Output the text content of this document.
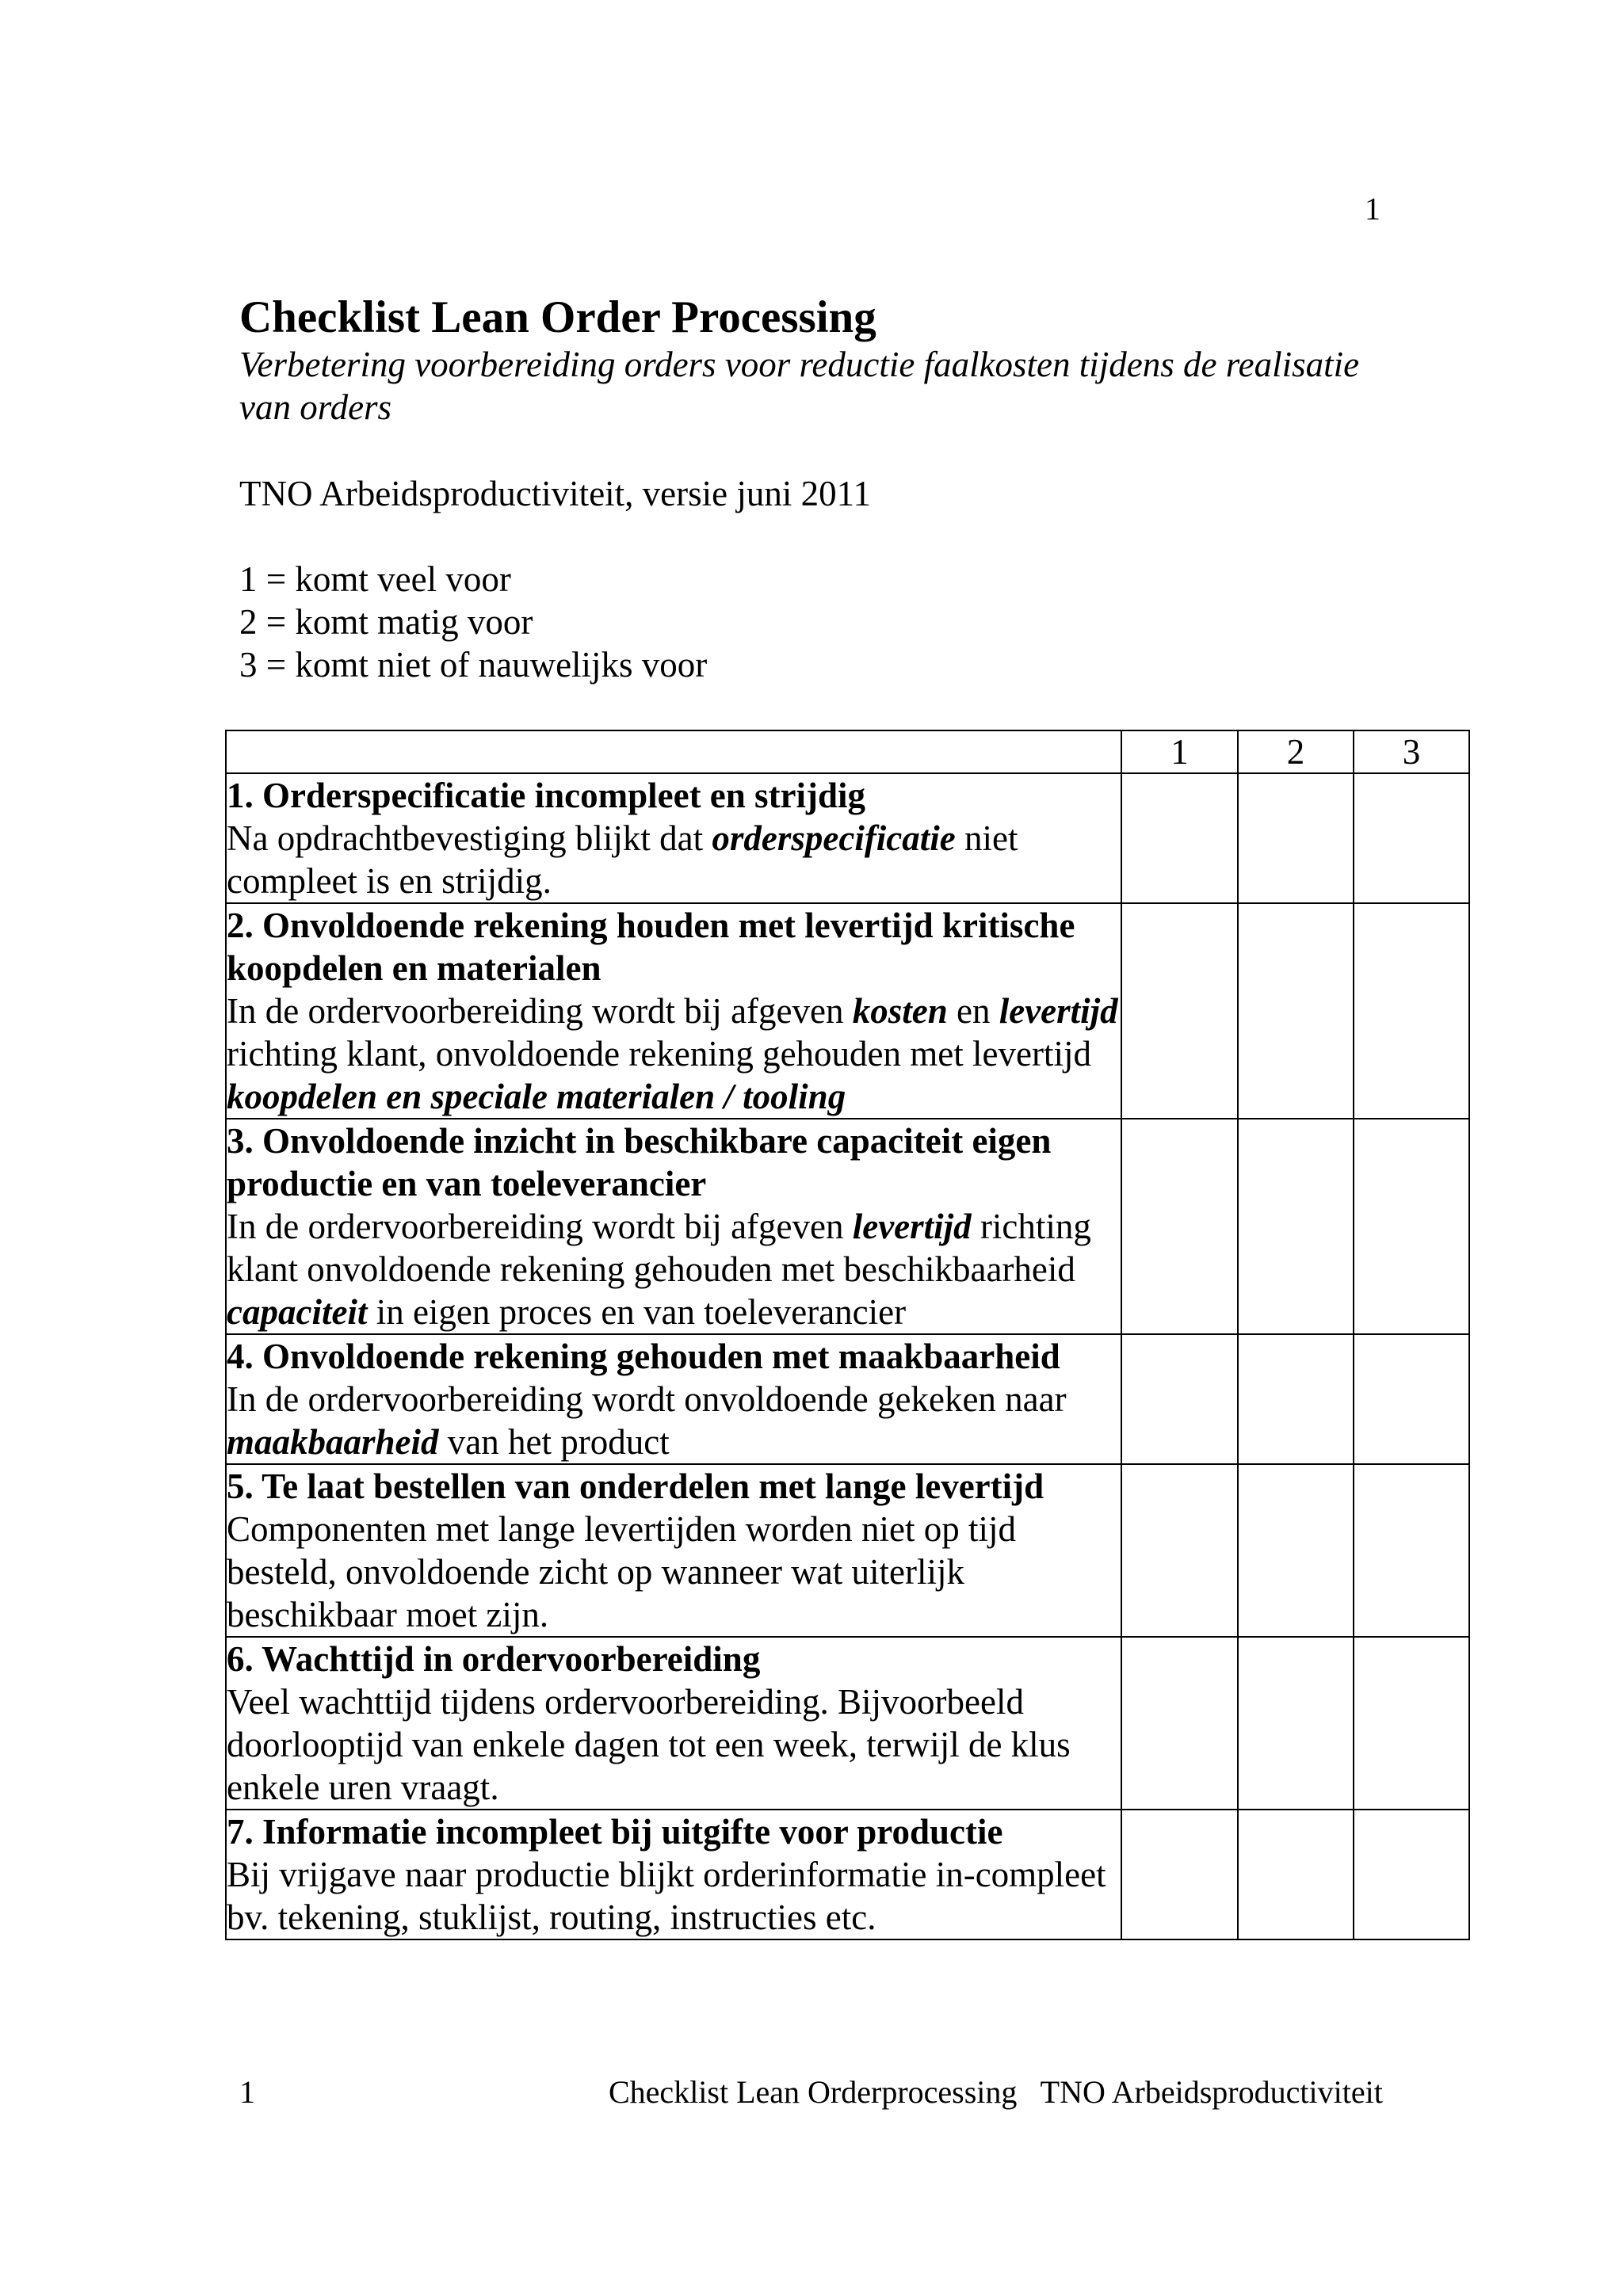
1
Checklist Lean Order Processing

Verbetering voorbereiding orders voor reductie faalkosten tijdens de realisatie van orders

TNO Arbeidsproductiviteit, versie juni 2011
1 = komt veel voor
2 = komt matig voor
3 = komt niet of nauwelijks voor
	1	2	3

1. Orderspecificatie incompleet en strijdig
Na opdrachtbevestiging blijkt dat orderspecificatie niet compleet is en strijdig.			

2. Onvoldoende rekening houden met levertijd kritische koopdelen en materialen
In de ordervoorbereiding wordt bij afgeven kosten en levertijd richting klant, onvoldoende rekening gehouden met levertijd koopdelen en speciale materialen / tooling			

3. Onvoldoende inzicht in beschikbare capaciteit eigen productie en van toeleverancier
In de ordervoorbereiding wordt bij afgeven levertijd richting klant onvoldoende rekening gehouden met beschikbaarheid capaciteit in eigen proces en van toeleverancier			

4. Onvoldoende rekening gehouden met maakbaarheid
In de ordervoorbereiding wordt onvoldoende gekeken naar maakbaarheid van het product			

5. Te laat bestellen van onderdelen met lange levertijd
Componenten met lange levertijden worden niet op tijd besteld, onvoldoende zicht op wanneer wat uiterlijk beschikbaar moet zijn.			

6. Wachttijd in ordervoorbereiding
Veel wachttijd tijdens ordervoorbereiding. Bijvoorbeeld doorlooptijd van enkele dagen tot een week, terwijl de klus enkele uren vraagt.			

7. Informatie incompleet bij uitgifte voor productie
Bij vrijgave naar productie blijkt orderinformatie in-compleet bv. tekening, stuklijst, routing, instructies etc.			

1	Checklist Lean Orderprocessing   TNO Arbeidsproductiviteit
